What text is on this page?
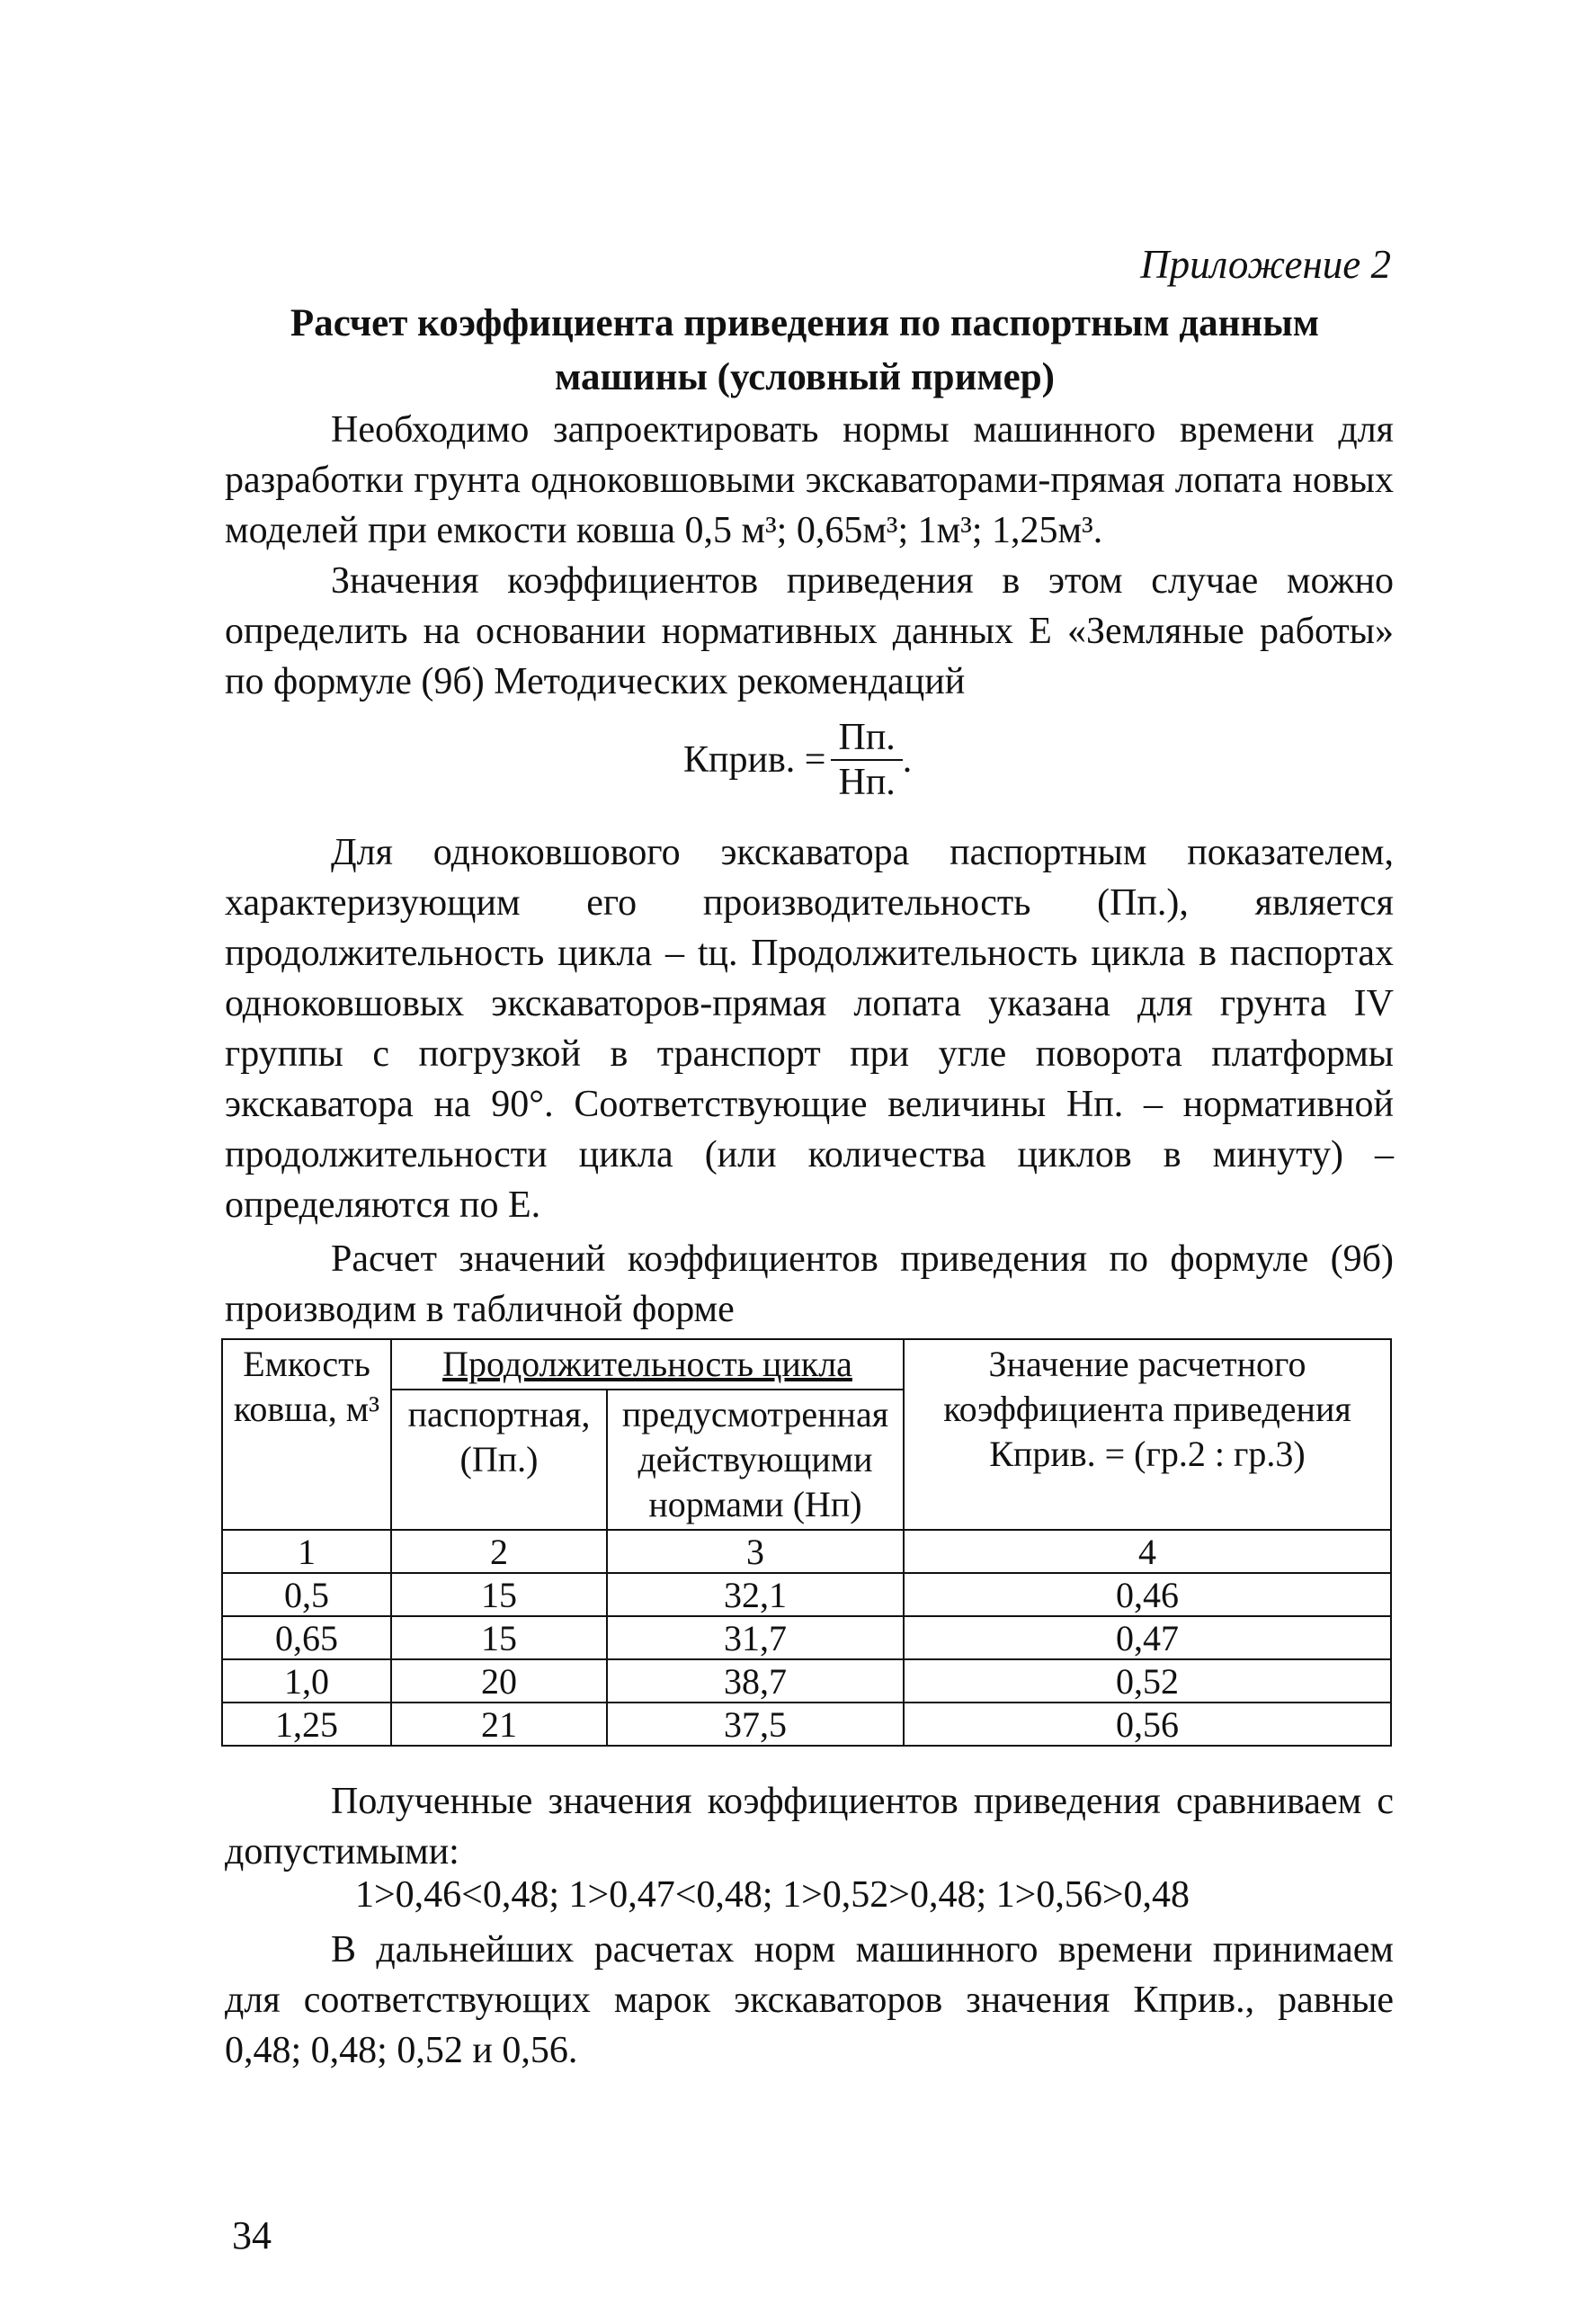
Приложение 2
Расчет коэффициента приведения по паспортным данным
машины (условный пример)

Необходимо запроектировать нормы машинного времени для разработки грунта одноковшовыми экскаваторами-прямая лопата новых моделей при емкости ковша 0,5 м³; 0,65м³; 1м³; 1,25м³.

Значения коэффициентов приведения в этом случае можно определить на основании нормативных данных Е «Земляные работы» по формуле (9б) Методических рекомендаций

Кприв. = $\frac{Пп.}{Нп.}$ .

Для одноковшового экскаватора паспортным показателем, характеризующим его производительность (Пп.), является продолжительность цикла – tц. Продолжительность цикла в паспортах одноковшовых экскаваторов-прямая лопата указана для грунта IV группы с погрузкой в транспорт при угле поворота платформы экскаватора на 90°. Соответствующие величины Нп. – нормативной продолжительности цикла (или количества циклов в минуту) – определяются по Е.

Расчет значений коэффициентов приведения по формуле (9б) производим в табличной форме

Емкость ковша, м³	Продолжительность цикла		Значение расчетного коэффициента приведения Кприв. = (гр.2 : гр.3)
	паспортная, (Пп.)	предусмотренная действующими нормами (Нп)	
1	2	3	4
0,5	15	32,1	0,46
0,65	15	31,7	0,47
1,0	20	38,7	0,52
1,25	21	37,5	0,56

Полученные значения коэффициентов приведения сравниваем с допустимыми:

1>0,46<0,48; 1>0,47<0,48; 1>0,52>0,48; 1>0,56>0,48

В дальнейших расчетах норм машинного времени принимаем для соответствующих марок экскаваторов значения Кприв., равные 0,48; 0,48; 0,52 и 0,56.

34
